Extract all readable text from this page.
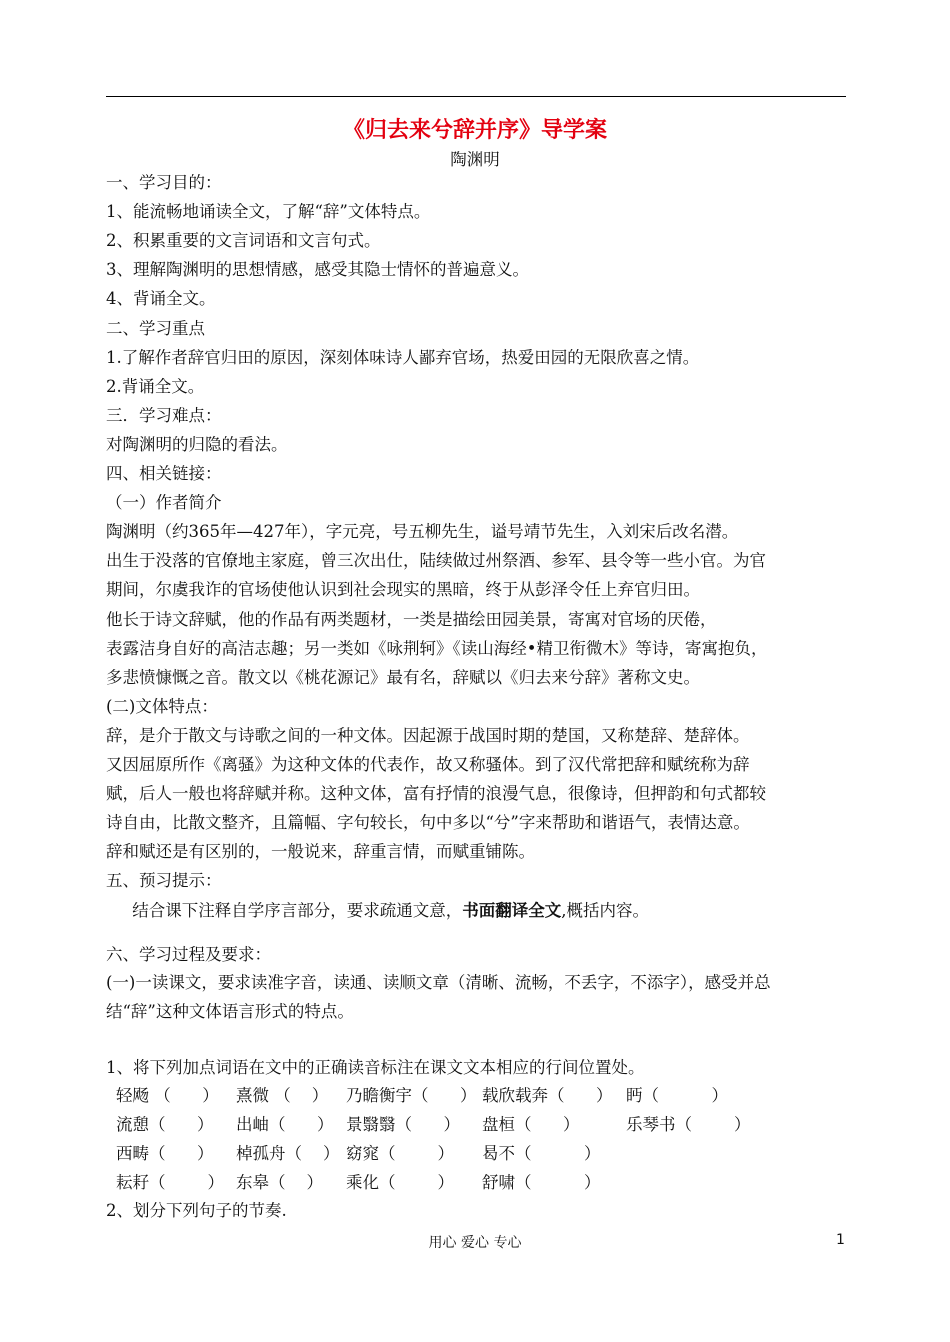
《归去来兮辞并序》导学案
陶渊明
一、学习目的：
1、能流畅地诵读全文，了解“辞”文体特点。
2、积累重要的文言词语和文言句式。
3、理解陶渊明的思想情感，感受其隐士情怀的普遍意义。
4、背诵全文。
二、学习重点
1.了解作者辞官归田的原因，深刻体味诗人鄙弃官场，热爱田园的无限欣喜之情。
2.背诵全文。
三．学习难点：
对陶渊明的归隐的看法。
四、相关链接：
（一）作者简介
陶渊明（约365年—427年），字元亮，号五柳先生，谥号靖节先生，入刘宋后改名潜。
出生于没落的官僚地主家庭，曾三次出仕，陆续做过州祭酒、参军、县令等一些小官。为官
期间，尔虞我诈的官场使他认识到社会现实的黑暗，终于从彭泽令任上弃官归田。
他长于诗文辞赋，他的作品有两类题材，一类是描绘田园美景，寄寓对官场的厌倦，
表露洁身自好的高洁志趣；另一类如《咏荆轲》《读山海经•精卫衔微木》等诗，寄寓抱负，
多悲愤慷慨之音。散文以《桃花源记》最有名，辞赋以《归去来兮辞》著称文史。
(二)文体特点：
辞，是介于散文与诗歌之间的一种文体。因起源于战国时期的楚国，又称楚辞、楚辞体。
又因屈原所作《离骚》为这种文体的代表作，故又称骚体。到了汉代常把辞和赋统称为辞
赋，后人一般也将辞赋并称。这种文体，富有抒情的浪漫气息，很像诗，但押韵和句式都较
诗自由，比散文整齐，且篇幅、字句较长，句中多以“兮”字来帮助和谐语气，表情达意。
辞和赋还是有区别的，一般说来，辞重言情，而赋重铺陈。
五、预习提示：
结合课下注释自学序言部分，要求疏通文意，书面翻译全文,概括内容。
六、学习过程及要求：
(一)一读课文，要求读准字音，读通、读顺文章（清晰、流畅，不丢字，不添字），感受并总
结“辞”这种文体语言形式的特点。
1、将下列加点词语在文中的正确读音标注在课文文本相应的行间位置处。
轻飏 （      ） 熹微 （    ） 乃瞻衡宇（      ） 载欣载奔（      ） 眄（          ）
流憩（      ） 出岫（      ） 景翳翳（      ） 盘桓（      ）	乐琴书（        ）
西畴（      ） 棹孤舟（    ） 窈窕（        ） 曷不（          ）
耘耔（        ） 东皋（    ） 乘化（        ） 舒啸（          ）
2、划分下列句子的节奏.
用心 爱心 专心	1
